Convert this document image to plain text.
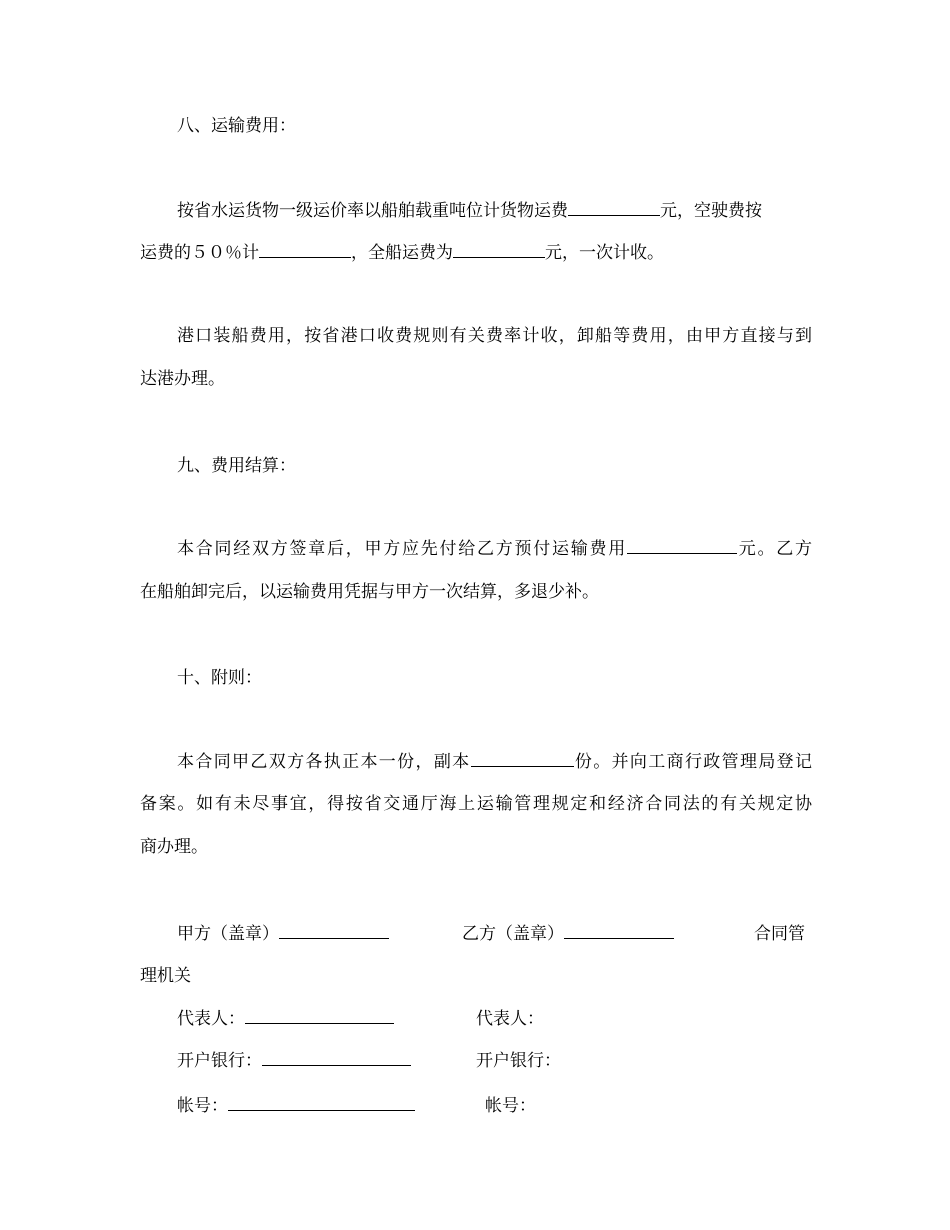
八、运输费用：
按省水运货物一级运价率以船舶载重吨位计货物运费	元，空驶费按
运费的５０％计	，全船运费为	元，一次计收。
港口装船费用，按省港口收费规则有关费率计收，卸船等费用，由甲方直接与到
达港办理。
九、费用结算：
本合同经双方签章后，甲方应先付给乙方预付运输费用	元。乙方
在船舶卸完后，以运输费用凭据与甲方一次结算，多退少补。
十、附则：
本合同甲乙双方各执正本一份，副本	份。并向工商行政管理局登记
备案。如有未尽事宜，得按省交通厅海上运输管理规定和经济合同法的有关规定协
商办理。
甲方（盖章）	乙方（盖章）	合同管
理机关
代表人：	代表人：
开户银行：	开户银行：
帐号：	帐号：
